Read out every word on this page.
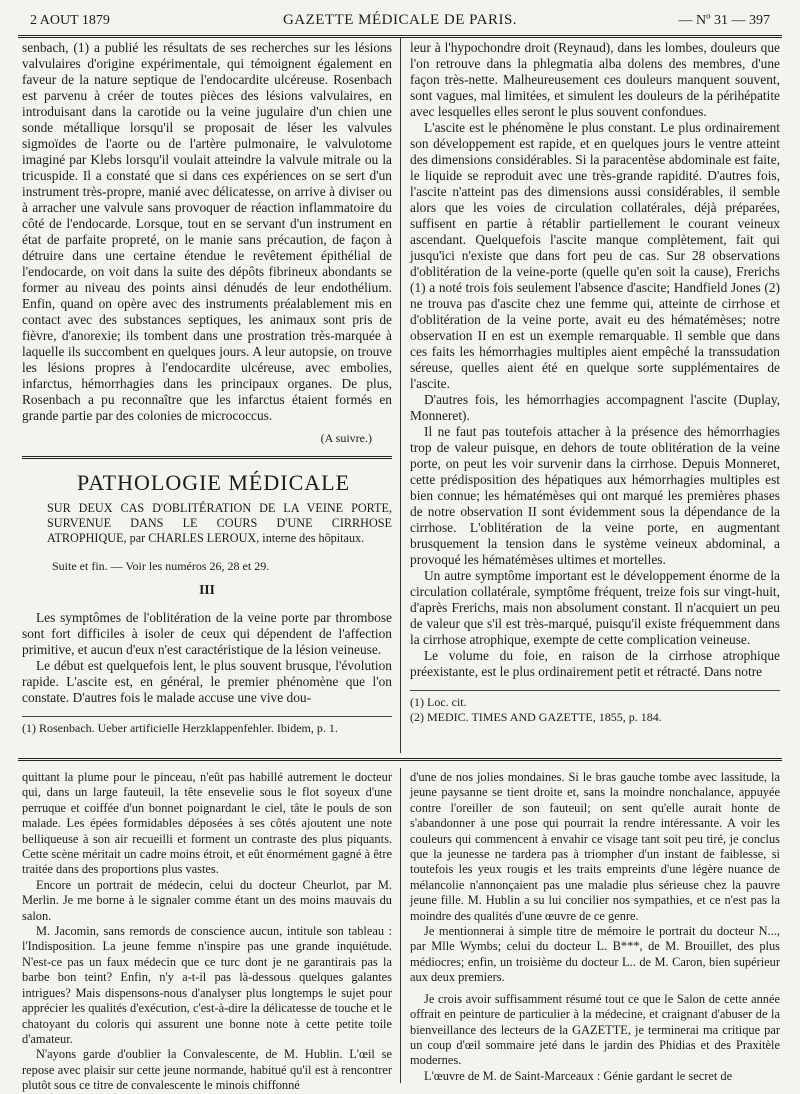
2 AOUT 1879	GAZETTE MÉDICALE DE PARIS.	— Nº 31 — 397

senbach, (1) a publié les résultats de ses recherches sur les lésions valvulaires d'origine expérimentale, qui témoignent également en faveur de la nature septique de l'endocardite ulcéreuse. Rosenbach est parvenu à créer de toutes pièces des lésions valvulaires, en introduisant dans la carotide ou la veine jugulaire d'un chien une sonde métallique lorsqu'il se proposait de léser les valvules sigmoïdes de l'aorte ou de l'artère pulmonaire, le valvulotome imaginé par Klebs lorsqu'il voulait atteindre la valvule mitrale ou la tricuspide. Il a constaté que si dans ces expériences on se sert d'un instrument très-propre, manié avec délicatesse, on arrive à diviser ou à arracher une valvule sans provoquer de réaction inflammatoire du côté de l'endocarde. Lorsque, tout en se servant d'un instrument en état de parfaite propreté, on le manie sans précaution, de façon à détruire dans une certaine étendue le revêtement épithélial de l'endocarde, on voit dans la suite des dépôts fibrineux abondants se former au niveau des points ainsi dénudés de leur endothélium. Enfin, quand on opère avec des instruments préalablement mis en contact avec des substances septiques, les animaux sont pris de fièvre, d'anorexie; ils tombent dans une prostration très-marquée à laquelle ils succombent en quelques jours. A leur autopsie, on trouve les lésions propres à l'endocardite ulcéreuse, avec embolies, infarctus, hémorrhagies dans les principaux organes. De plus, Rosenbach a pu reconnaître que les infarctus étaient formés en grande partie par des colonies de micrococcus.

(A suivre.)
PATHOLOGIE MÉDICALE

SUR DEUX CAS D'OBLITÉRATION DE LA VEINE PORTE, SURVENUE DANS LE COURS D'UNE CIRRHOSE ATROPHIQUE, par CHARLES LEROUX, interne des hôpitaux.

Suite et fin. — Voir les numéros 26, 28 et 29.

III

Les symptômes de l'oblitération de la veine porte par thrombose sont fort difficiles à isoler de ceux qui dépendent de l'affection primitive, et aucun d'eux n'est caractéristique de la lésion veineuse.

Le début est quelquefois lent, le plus souvent brusque, l'évolution rapide. L'ascite est, en général, le premier phénomène que l'on constate. D'autres fois le malade accuse une vive dou-

(1) Rosenbach. Ueber artificielle Herzklappenfehler. Ibidem, p. 1.

leur à l'hypochondre droit (Reynaud), dans les lombes, douleurs que l'on retrouve dans la phlegmatia alba dolens des membres, d'une façon très-nette. Malheureusement ces douleurs manquent souvent, sont vagues, mal limitées, et simulent les douleurs de la périhépatite avec lesquelles elles seront le plus souvent confondues.

L'ascite est le phénomène le plus constant. Le plus ordinairement son développement est rapide, et en quelques jours le ventre atteint des dimensions considérables. Si la paracentèse abdominale est faite, le liquide se reproduit avec une très-grande rapidité. D'autres fois, l'ascite n'atteint pas des dimensions aussi considérables, il semble alors que les voies de circulation collatérales, déjà préparées, suffisent en partie à rétablir partiellement le courant veineux ascendant. Quelquefois l'ascite manque complètement, fait qui jusqu'ici n'existe que dans fort peu de cas. Sur 28 observations d'oblitération de la veine-porte (quelle qu'en soit la cause), Frerichs (1) a noté trois fois seulement l'absence d'ascite; Handfield Jones (2) ne trouva pas d'ascite chez une femme qui, atteinte de cirrhose et d'oblitération de la veine porte, avait eu des hématémèses; notre observation II en est un exemple remarquable. Il semble que dans ces faits les hémorrhagies multiples aient empêché la transsudation séreuse, quelles aient été en quelque sorte supplémentaires de l'ascite.

D'autres fois, les hémorrhagies accompagnent l'ascite (Duplay, Monneret).

Il ne faut pas toutefois attacher à la présence des hémorrhagies trop de valeur puisque, en dehors de toute oblitération de la veine porte, on peut les voir survenir dans la cirrhose. Depuis Monneret, cette prédisposition des hépatiques aux hémorrhagies multiples est bien connue; les hématémèses qui ont marqué les premières phases de notre observation II sont évidemment sous la dépendance de la cirrhose. L'oblitération de la veine porte, en augmentant brusquement la tension dans le système veineux abdominal, a provoqué les hématémèses ultimes et mortelles.

Un autre symptôme important est le développement énorme de la circulation collatérale, symptôme fréquent, treize fois sur vingt-huit, d'après Frerichs, mais non absolument constant. Il n'acquiert un peu de valeur que s'il est très-marqué, puisqu'il existe fréquemment dans la cirrhose atrophique, exempte de cette complication veineuse.

Le volume du foie, en raison de la cirrhose atrophique préexistante, est le plus ordinairement petit et rétracté. Dans notre

(1) Loc. cit.

(2) MEDIC. TIMES AND GAZETTE, 1855, p. 184.

quittant la plume pour le pinceau, n'eût pas habillé autrement le docteur qui, dans un large fauteuil, la tête ensevelie sous le flot soyeux d'une perruque et coiffée d'un bonnet poignardant le ciel, tâte le pouls de son malade. Les épées formidables déposées à ses côtés ajoutent une note belliqueuse à son air recueilli et forment un contraste des plus piquants. Cette scène méritait un cadre moins étroit, et eût énormément gagné à être traitée dans des proportions plus vastes.

Encore un portrait de médecin, celui du docteur Cheurlot, par M. Merlin. Je me borne à le signaler comme étant un des moins mauvais du salon.

M. Jacomin, sans remords de conscience aucun, intitule son tableau : l'Indisposition. La jeune femme n'inspire pas une grande inquiétude. N'est-ce pas un faux médecin que ce turc dont je ne garantirais pas la barbe bon teint? Enfin, n'y a-t-il pas là-dessous quelques galantes intrigues? Mais dispensons-nous d'analyser plus longtemps le sujet pour apprécier les qualités d'exécution, c'est-à-dire la délicatesse de touche et le chatoyant du coloris qui assurent une bonne note à cette petite toile d'amateur.

N'ayons garde d'oublier la Convalescente, de M. Hublin. L'œil se repose avec plaisir sur cette jeune normande, habitué qu'il est à rencontrer plutôt sous ce titre de convalescente le minois chiffonné

d'une de nos jolies mondaines. Si le bras gauche tombe avec lassitude, la jeune paysanne se tient droite et, sans la moindre nonchalance, appuyée contre l'oreiller de son fauteuil; on sent qu'elle aurait honte de s'abandonner à une pose qui pourrait la rendre intéressante. A voir les couleurs qui commencent à envahir ce visage tant soit peu tiré, je conclus que la jeunesse ne tardera pas à triompher d'un instant de faiblesse, si toutefois les yeux rougis et les traits empreints d'une légère nuance de mélancolie n'annonçaient pas une maladie plus sérieuse chez la pauvre jeune fille. M. Hublin a su lui concilier nos sympathies, et ce n'est pas la moindre des qualités d'une œuvre de ce genre.

Je mentionnerai à simple titre de mémoire le portrait du docteur N..., par Mlle Wymbs; celui du docteur L. B***, de M. Brouillet, des plus médiocres; enfin, un troisième du docteur L.. de M. Caron, bien supérieur aux deux premiers.

Je crois avoir suffisamment résumé tout ce que le Salon de cette année offrait en peinture de particulier à la médecine, et craignant d'abuser de la bienveillance des lecteurs de la GAZETTE, je terminerai ma critique par un coup d'œil sommaire jeté dans le jardin des Phidias et des Praxitèle modernes.

L'œuvre de M. de Saint-Marceaux : Génie gardant le secret de
